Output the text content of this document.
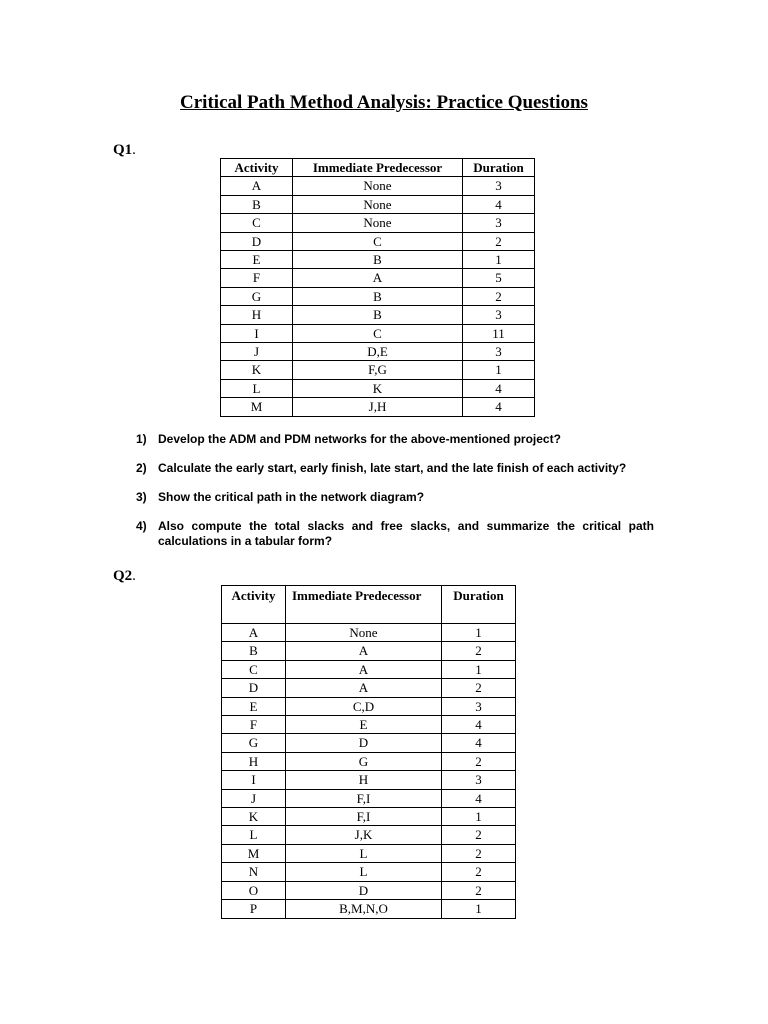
Critical Path Method Analysis: Practice Questions
Q1.
Activity	Immediate Predecessor	Duration
A	None	3
B	None	4
C	None	3
D	C	2
E	B	1
F	A	5
G	B	2
H	B	3
I	C	11
J	D,E	3
K	F,G	1
L	K	4
M	J,H	4
1) Develop the ADM and PDM networks for the above-mentioned project?
2) Calculate the early start, early finish, late start, and the late finish of each activity?
3) Show the critical path in the network diagram?
4) Also compute the total slacks and free slacks, and summarize the critical path calculations in a tabular form?
Q2.
Activity	Immediate Predecessor	Duration
A	None	1
B	A	2
C	A	1
D	A	2
E	C,D	3
F	E	4
G	D	4
H	G	2
I	H	3
J	F,I	4
K	F,I	1
L	J,K	2
M	L	2
N	L	2
O	D	2
P	B,M,N,O	1
